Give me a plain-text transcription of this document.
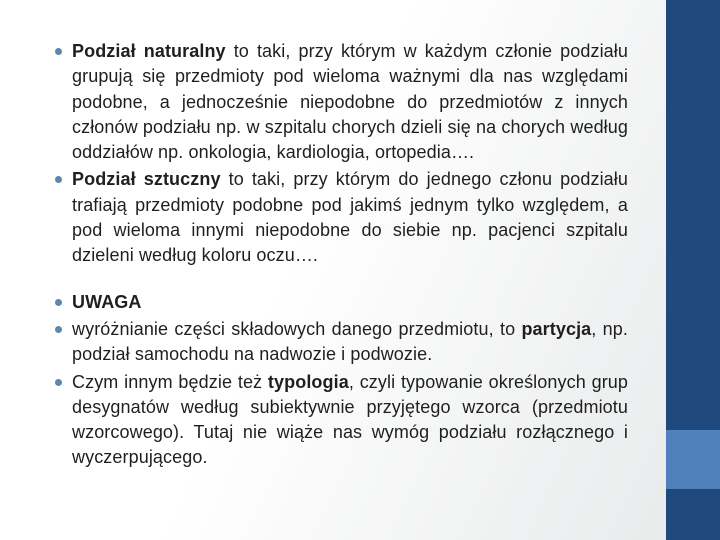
Podział naturalny to taki, przy którym w każdym członie podziału grupują się przedmioty pod wieloma ważnymi dla nas względami podobne, a jednocześnie niepodobne do przedmiotów z innych członów podziału np. w szpitalu chorych dzieli się na chorych według oddziałów np. onkologia, kardiologia, ortopedia….
Podział sztuczny to taki, przy którym do jednego członu podziału trafiają przedmioty podobne pod jakimś jednym tylko względem, a pod wieloma innymi niepodobne do siebie np. pacjenci szpitalu dzieleni według koloru oczu….
UWAGA
wyróżnianie części składowych danego przedmiotu, to partycja, np. podział samochodu na nadwozie i podwozie.
Czym innym będzie też typologia, czyli typowanie określonych grup desygnatów według subiektywnie przyjętego wzorca (przedmiotu wzorcowego). Tutaj nie wiąże nas wymóg podziału rozłącznego i wyczerpującego.
